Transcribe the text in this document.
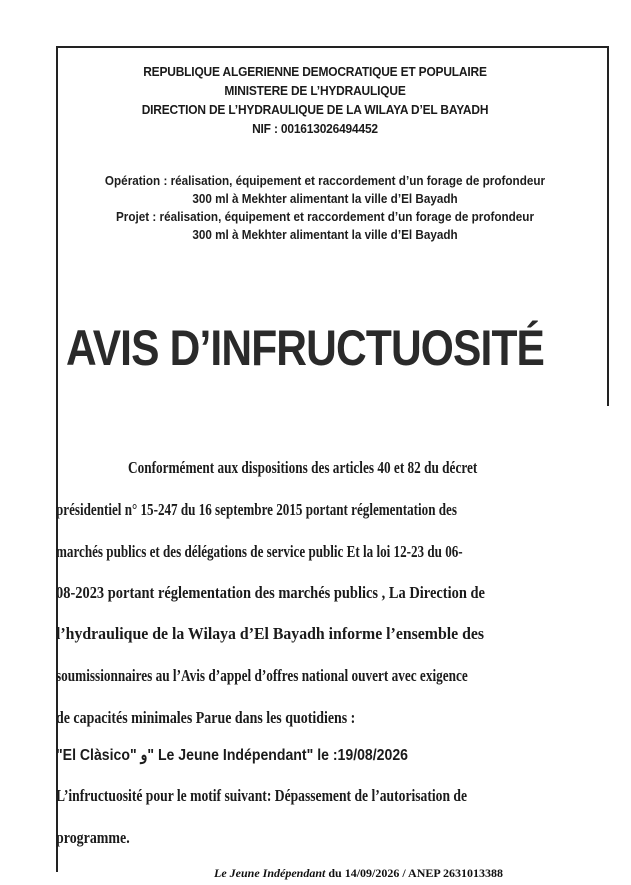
REPUBLIQUE ALGERIENNE DEMOCRATIQUE ET POPULAIRE
MINISTERE DE L’HYDRAULIQUE
DIRECTION DE L’HYDRAULIQUE DE LA WILAYA D’EL BAYADH
NIF : 001613026494452
Opération : réalisation, équipement et raccordement d’un forage de profondeur
300 ml à Mekhter alimentant la ville d’El Bayadh
Projet : réalisation, équipement et raccordement d’un forage de profondeur
300 ml à Mekhter alimentant la ville d’El Bayadh
AVIS D’INFRUCTUOSITÉ
Conformément aux dispositions des articles 40 et 82 du décret
présidentiel n° 15-247 du 16 septembre 2015 portant réglementation des
marchés publics et des délégations de service public Et la loi 12-23 du 06-
08-2023 portant réglementation des marchés publics , La Direction de
l’hydraulique de la Wilaya d’El Bayadh informe l’ensemble des
soumissionnaires au l’Avis d’appel d’offres national ouvert avec exigence
de capacités minimales Parue dans les quotidiens :
L’infructuosité pour le motif suivant: Dépassement de l’autorisation de
programme.
"El Clàsico" و" Le Jeune Indépendant" le :19/08/2026
Le Jeune Indépendant du 14/09/2026 / ANEP 2631013388
